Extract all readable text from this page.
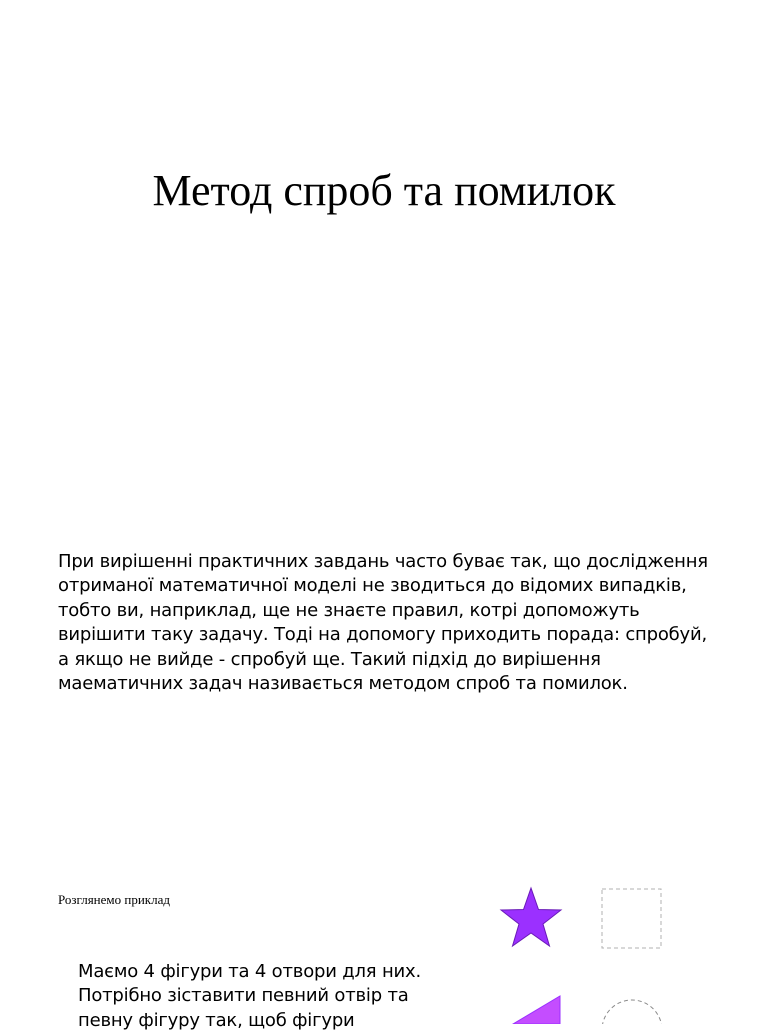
Метод спроб та помилок

При вирішенні практичних завдань часто буває так, що дослідження отриманої математичної моделі не зводиться до відомих випадків, тобто ви, наприклад, ще не знаєте правил, котрі допоможуть вирішити таку задачу. Тоді на допомогу приходить порада: спробуй, а якщо не вийде - спробуй ще. Такий підхід до вирішення маематичних задач називається методом спроб та помилок.

Розглянемо приклад

Маємо 4 фігури та 4 отвори для них. Потрібно зіставити певний отвір та певну фігуру так, щоб фігури
